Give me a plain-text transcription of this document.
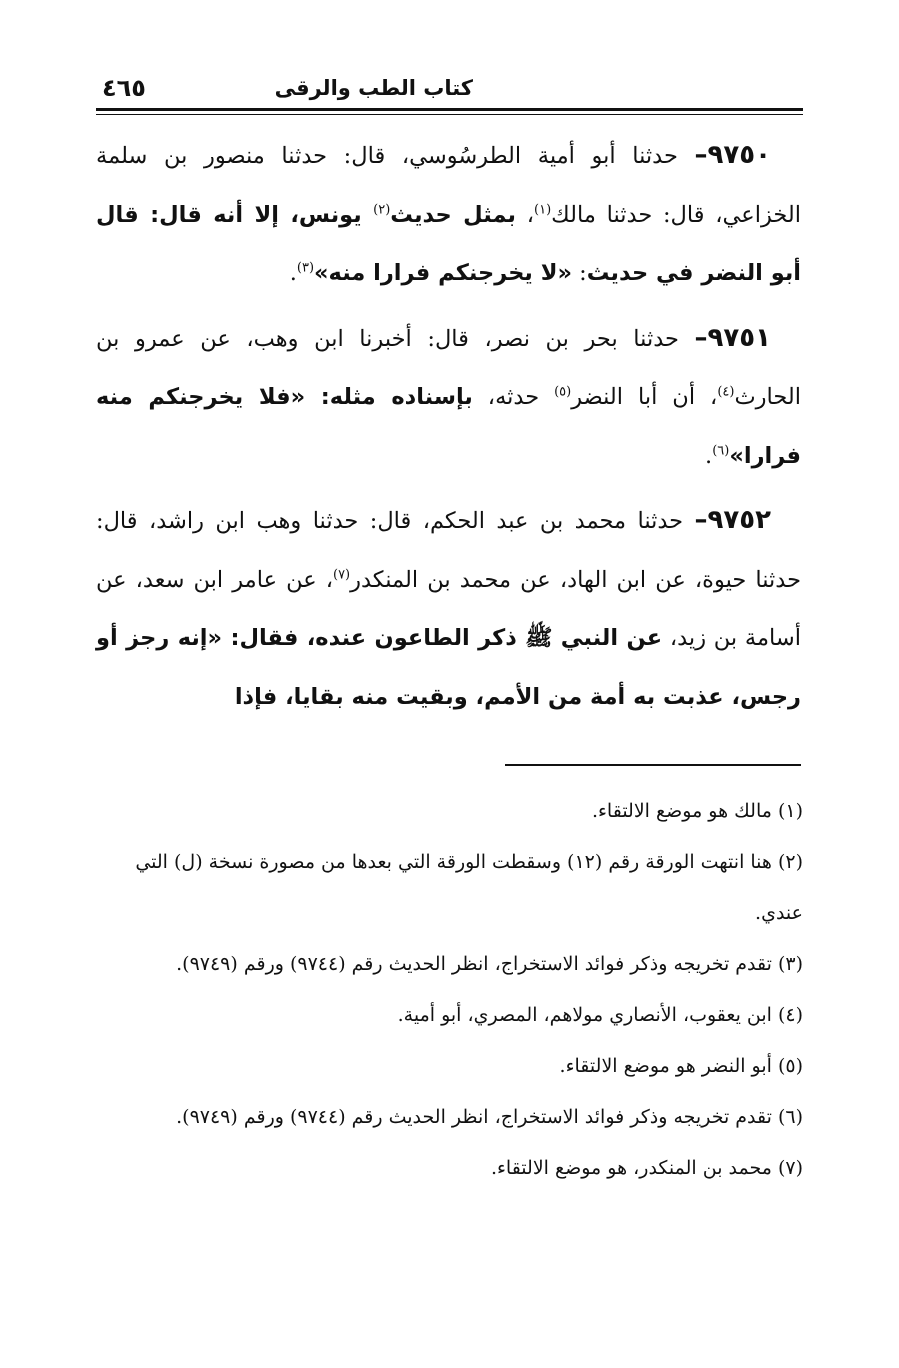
كتاب الطب والرقى
٤٦٥

٩٧٥٠– حدثنا أبو أمية الطرسُوسي، قال: حدثنا منصور بن سلمة الخزاعي، قال: حدثنا مالك$^{(١)}$، بمثل حديث$^{(٢)}$ يونس، إلا أنه قال: قال أبو النضر في حديث: «لا يخرجنكم فرارا منه»$^{(٣)}$.

٩٧٥١– حدثنا بحر بن نصر، قال: أخبرنا ابن وهب، عن عمرو بن الحارث$^{(٤)}$، أن أبا النضر$^{(٥)}$ حدثه، بإسناده مثله: «فلا يخرجنكم منه فرارا»$^{(٦)}$.

٩٧٥٢– حدثنا محمد بن عبد الحكم، قال: حدثنا وهب ابن راشد، قال: حدثنا حيوة، عن ابن الهاد، عن محمد بن المنكدر$^{(٧)}$، عن عامر ابن سعد، عن أسامة بن زيد، عن النبي ﷺ ذكر الطاعون عنده، فقال: «إنه رجز أو رجس، عذبت به أمة من الأمم، وبقيت منه بقايا، فإذا

(١)مالك هو موضع الالتقاء.

(٢)هنا انتهت الورقة رقم (١٢) وسقطت الورقة التي بعدها من مصورة نسخة (ل) التي عندي.

(٣)تقدم تخريجه وذكر فوائد الاستخراج، انظر الحديث رقم (٩٧٤٤) ورقم (٩٧٤٩).

(٤)ابن يعقوب، الأنصاري مولاهم، المصري، أبو أمية.

(٥)أبو النضر هو موضع الالتقاء.

(٦)تقدم تخريجه وذكر فوائد الاستخراج، انظر الحديث رقم (٩٧٤٤) ورقم (٩٧٤٩).

(٧)محمد بن المنكدر، هو موضع الالتقاء.
